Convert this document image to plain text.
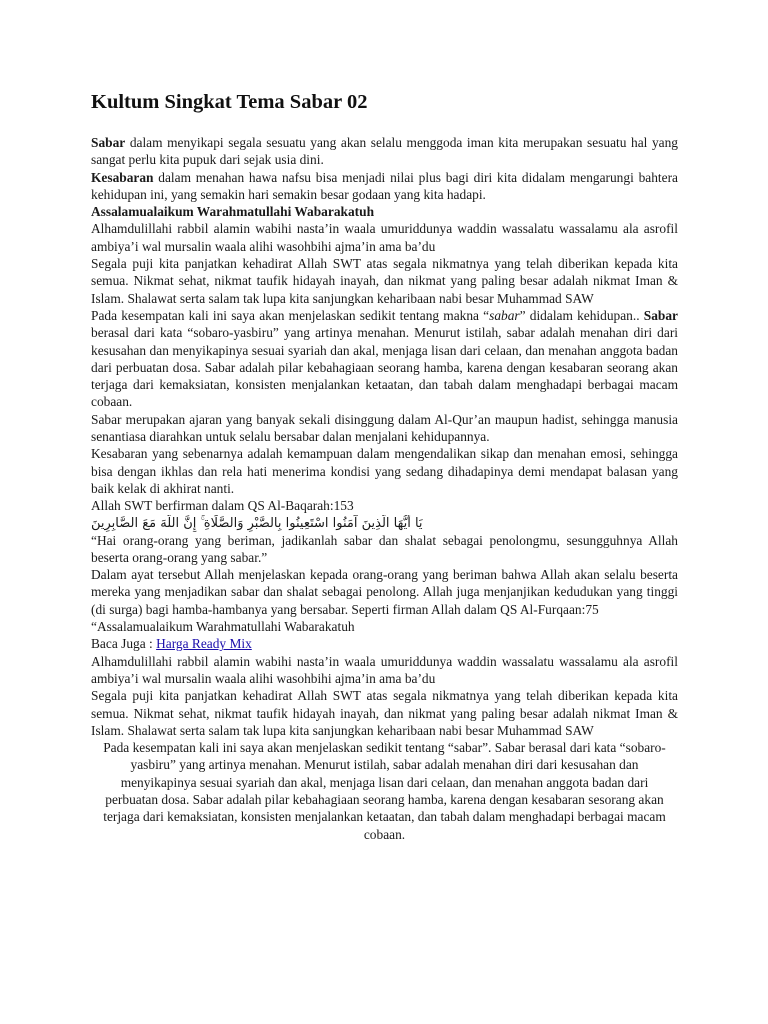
Kultum Singkat Tema Sabar 02

Sabar dalam menyikapi segala sesuatu yang akan selalu menggoda iman kita merupakan sesuatu hal yang sangat perlu kita pupuk dari sejak usia dini.

Kesabaran dalam menahan hawa nafsu bisa menjadi nilai plus bagi diri kita didalam mengarungi bahtera kehidupan ini, yang semakin hari semakin besar godaan yang kita hadapi.

Assalamualaikum Warahmatullahi Wabarakatuh

Alhamdulillahi rabbil alamin wabihi nasta’in waala umuriddunya waddin wassalatu wassalamu ala asrofil ambiya’i wal mursalin waala alihi wasohbihi ajma’in ama ba’du

Segala puji kita panjatkan kehadirat Allah SWT atas segala nikmatnya yang telah diberikan kepada kita semua. Nikmat sehat, nikmat taufik hidayah inayah, dan nikmat yang paling besar adalah nikmat Iman & Islam. Shalawat serta salam tak lupa kita sanjungkan keharibaan nabi besar Muhammad SAW

Pada kesempatan kali ini saya akan menjelaskan sedikit tentang makna “sabar” didalam kehidupan.. Sabar berasal dari kata “sobaro-yasbiru” yang artinya menahan. Menurut istilah, sabar adalah menahan diri dari kesusahan dan menyikapinya sesuai syariah dan akal, menjaga lisan dari celaan, dan menahan anggota badan dari perbuatan dosa. Sabar adalah pilar kebahagiaan seorang hamba, karena dengan kesabaran seorang akan terjaga dari kemaksiatan, konsisten menjalankan ketaatan, dan tabah dalam menghadapi berbagai macam cobaan.

Sabar merupakan ajaran yang banyak sekali disinggung dalam Al-Qur’an maupun hadist, sehingga manusia senantiasa diarahkan untuk selalu bersabar dalan menjalani kehidupannya.

Kesabaran yang sebenarnya adalah kemampuan dalam mengendalikan sikap dan menahan emosi, sehingga bisa dengan ikhlas dan rela hati menerima kondisi yang sedang dihadapinya demi mendapat balasan yang baik kelak di akhirat nanti.

Allah SWT berfirman dalam QS Al-Baqarah:153

يَا أَيُّهَا الَّذِينَ آمَنُوا اسْتَعِينُوا بِالصَّبْرِ وَالصَّلَاةِ ۚ إِنَّ اللَّهَ مَعَ الصَّابِرِينَ

“Hai orang-orang yang beriman, jadikanlah sabar dan shalat sebagai penolongmu, sesungguhnya Allah beserta orang-orang yang sabar.”

Dalam ayat tersebut Allah menjelaskan kepada orang-orang yang beriman bahwa Allah akan selalu beserta mereka yang menjadikan sabar dan shalat sebagai penolong. Allah juga menjanjikan kedudukan yang tinggi (di surga) bagi hamba-hambanya yang bersabar. Seperti firman Allah dalam QS Al-Furqaan:75

“Assalamualaikum Warahmatullahi Wabarakatuh

Baca Juga : Harga Ready Mix

Alhamdulillahi rabbil alamin wabihi nasta’in waala umuriddunya waddin wassalatu wassalamu ala asrofil ambiya’i wal mursalin waala alihi wasohbihi ajma’in ama ba’du

Segala puji kita panjatkan kehadirat Allah SWT atas segala nikmatnya yang telah diberikan kepada kita semua. Nikmat sehat, nikmat taufik hidayah inayah, dan nikmat yang paling besar adalah nikmat Iman & Islam. Shalawat serta salam tak lupa kita sanjungkan keharibaan nabi besar Muhammad SAW

Pada kesempatan kali ini saya akan menjelaskan sedikit tentang “sabar”. Sabar berasal dari kata “sobaro-yasbiru” yang artinya menahan. Menurut istilah, sabar adalah menahan diri dari kesusahan dan menyikapinya sesuai syariah dan akal, menjaga lisan dari celaan, dan menahan anggota badan dari perbuatan dosa. Sabar adalah pilar kebahagiaan seorang hamba, karena dengan kesabaran sesorang akan terjaga dari kemaksiatan, konsisten menjalankan ketaatan, dan tabah dalam menghadapi berbagai macam cobaan.
